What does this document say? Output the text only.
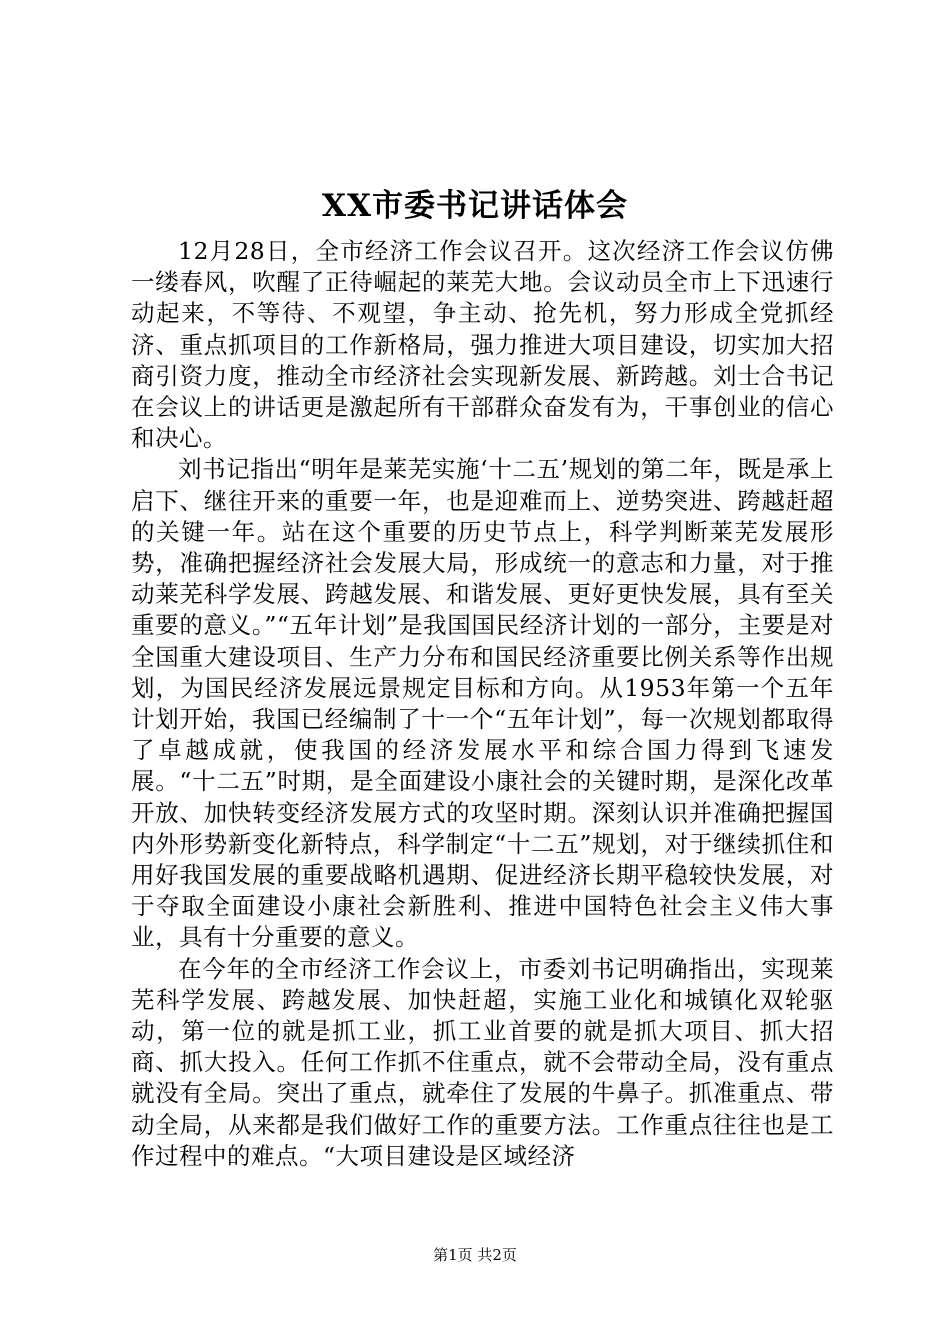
XX市委书记讲话体会

12月28日，全市经济工作会议召开。这次经济工作会议仿佛一缕春风，吹醒了正待崛起的莱芜大地。会议动员全市上下迅速行动起来，不等待、不观望，争主动、抢先机，努力形成全党抓经济、重点抓项目的工作新格局，强力推进大项目建设，切实加大招商引资力度，推动全市经济社会实现新发展、新跨越。刘士合书记在会议上的讲话更是激起所有干部群众奋发有为，干事创业的信心和决心。

刘书记指出“明年是莱芜实施‘十二五’规划的第二年，既是承上启下、继往开来的重要一年，也是迎难而上、逆势突进、跨越赶超的关键一年。站在这个重要的历史节点上，科学判断莱芜发展形势，准确把握经济社会发展大局，形成统一的意志和力量，对于推动莱芜科学发展、跨越发展、和谐发展、更好更快发展，具有至关重要的意义。”“五年计划”是我国国民经济计划的一部分，主要是对全国重大建设项目、生产力分布和国民经济重要比例关系等作出规划，为国民经济发展远景规定目标和方向。从1953年第一个五年计划开始，我国已经编制了十一个“五年计划”，每一次规划都取得了卓越成就，使我国的经济发展水平和综合国力得到飞速发展。“十二五”时期，是全面建设小康社会的关键时期，是深化改革开放、加快转变经济发展方式的攻坚时期。深刻认识并准确把握国内外形势新变化新特点，科学制定“十二五”规划，对于继续抓住和用好我国发展的重要战略机遇期、促进经济长期平稳较快发展，对于夺取全面建设小康社会新胜利、推进中国特色社会主义伟大事业，具有十分重要的意义。

在今年的全市经济工作会议上，市委刘书记明确指出，实现莱芜科学发展、跨越发展、加快赶超，实施工业化和城镇化双轮驱动，第一位的就是抓工业，抓工业首要的就是抓大项目、抓大招商、抓大投入。任何工作抓不住重点，就不会带动全局，没有重点就没有全局。突出了重点，就牵住了发展的牛鼻子。抓准重点、带动全局，从来都是我们做好工作的重要方法。工作重点往往也是工作过程中的难点。“大项目建设是区域经济

第1页 共2页
